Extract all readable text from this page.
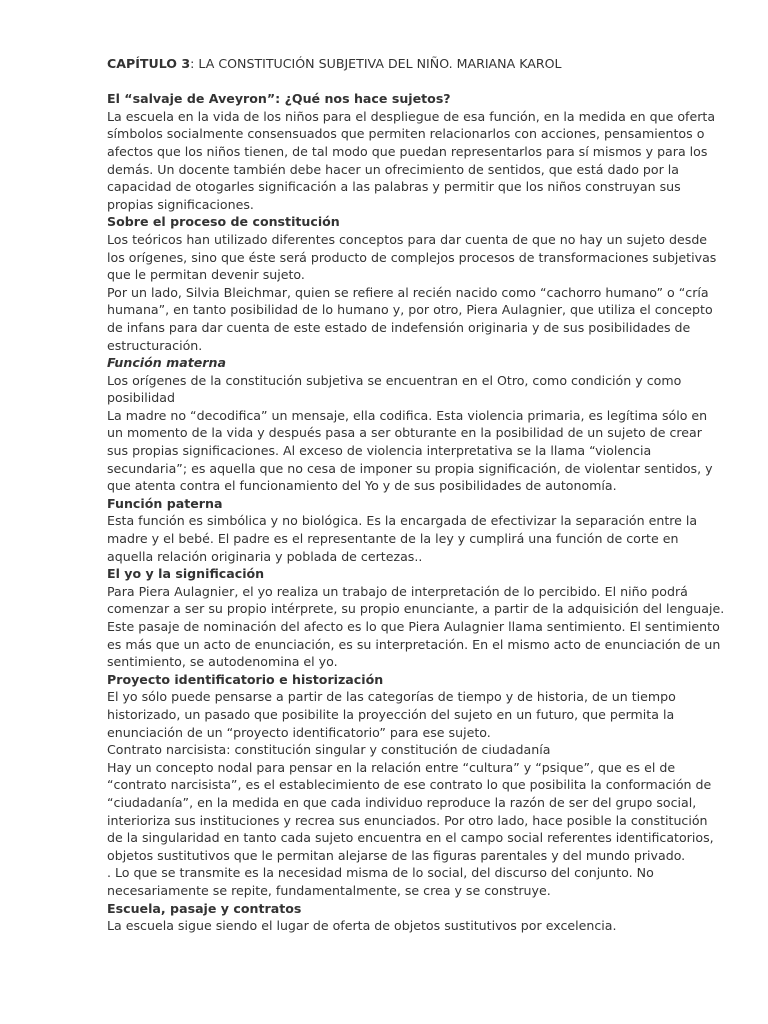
CAPÍTULO 3: LA CONSTITUCIÓN SUBJETIVA DEL NIÑO. MARIANA KAROL
El “salvaje de Aveyron”: ¿Qué nos hace sujetos?

La escuela en la vida de los niños para el despliegue de esa función, en la medida en que oferta
símbolos socialmente consensuados que permiten relacionarlos con acciones, pensamientos o
afectos que los niños tienen, de tal modo que puedan representarlos para sí mismos y para los
demás. Un docente también debe hacer un ofrecimiento de sentidos, que está dado por la
capacidad de otogarles significación a las palabras y permitir que los niños construyan sus
propias significaciones.

Sobre el proceso de constitución

Los teóricos han utilizado diferentes conceptos para dar cuenta de que no hay un sujeto desde
los orígenes, sino que éste será producto de complejos procesos de transformaciones subjetivas
que le permitan devenir sujeto.

Por un lado, Silvia Bleichmar, quien se refiere al recién nacido como “cachorro humano” o “cría
humana”, en tanto posibilidad de lo humano y, por otro, Piera Aulagnier, que utiliza el concepto
de infans para dar cuenta de este estado de indefensión originaria y de sus posibilidades de
estructuración.

Función materna

Los orígenes de la constitución subjetiva se encuentran en el Otro, como condición y como
posibilidad

La madre no “decodifica” un mensaje, ella codifica. Esta violencia primaria, es legítima sólo en
un momento de la vida y después pasa a ser obturante en la posibilidad de un sujeto de crear
sus propias significaciones. Al exceso de violencia interpretativa se la llama “violencia
secundaria”; es aquella que no cesa de imponer su propia significación, de violentar sentidos, y
que atenta contra el funcionamiento del Yo y de sus posibilidades de autonomía.

Función paterna

Esta función es simbólica y no biológica. Es la encargada de efectivizar la separación entre la
madre y el bebé. El padre es el representante de la ley y cumplirá una función de corte en
aquella relación originaria y poblada de certezas..

El yo y la significación

Para Piera Aulagnier, el yo realiza un trabajo de interpretación de lo percibido. El niño podrá
comenzar a ser su propio intérprete, su propio enunciante, a partir de la adquisición del lenguaje.
Este pasaje de nominación del afecto es lo que Piera Aulagnier llama sentimiento. El sentimiento
es más que un acto de enunciación, es su interpretación. En el mismo acto de enunciación de un
sentimiento, se autodenomina el yo.

Proyecto identificatorio e historización

El yo sólo puede pensarse a partir de las categorías de tiempo y de historia, de un tiempo
historizado, un pasado que posibilite la proyección del sujeto en un futuro, que permita la
enunciación de un “proyecto identificatorio” para ese sujeto.

Contrato narcisista: constitución singular y constitución de ciudadanía

Hay un concepto nodal para pensar en la relación entre “cultura” y “psique”, que es el de
“contrato narcisista”, es el establecimiento de ese contrato lo que posibilita la conformación de
“ciudadanía”, en la medida en que cada individuo reproduce la razón de ser del grupo social,
interioriza sus instituciones y recrea sus enunciados. Por otro lado, hace posible la constitución
de la singularidad en tanto cada sujeto encuentra en el campo social referentes identificatorios,
objetos sustitutivos que le permitan alejarse de las figuras parentales y del mundo privado.

. Lo que se transmite es la necesidad misma de lo social, del discurso del conjunto. No
necesariamente se repite, fundamentalmente, se crea y se construye.

Escuela, pasaje y contratos

La escuela sigue siendo el lugar de oferta de objetos sustitutivos por excelencia.
